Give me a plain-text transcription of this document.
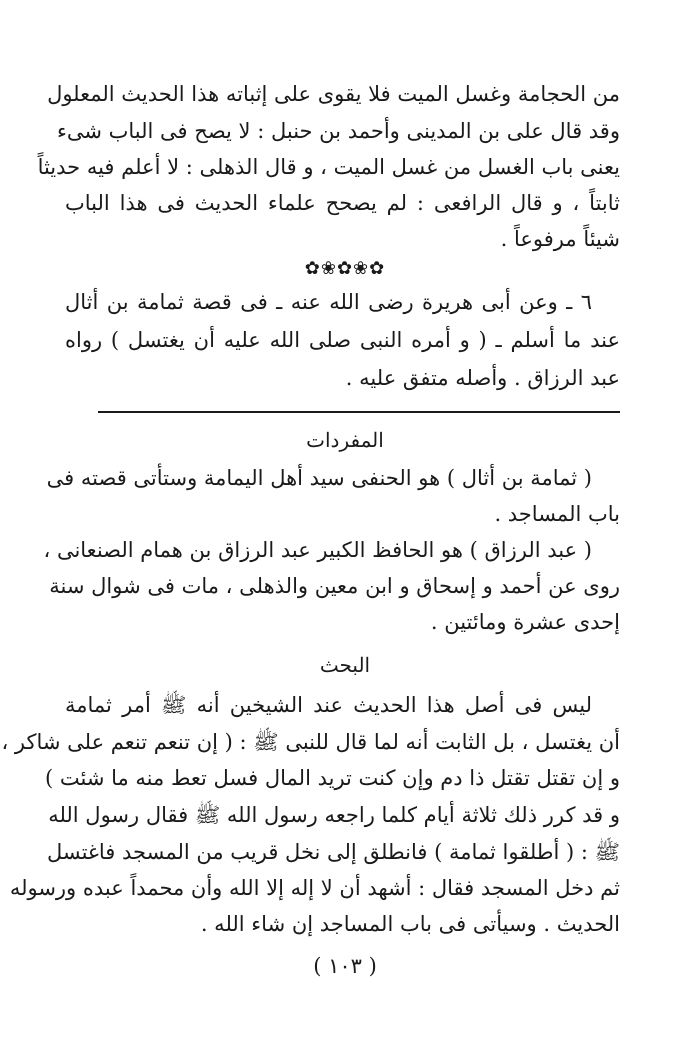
من الحجامة وغسل الميت فلا يقوى على إثباته هذا الحديث المعلول
وقد قال على بن المدينى وأحمد بن حنبل : لا يصح فى الباب شىء
يعنى باب الغسل من غسل الميت ، و قال الذهلى : لا أعلم فيه حديثاً
ثابتاً ، و قال الرافعى : لم يصحح علماء الحديث فى هذا الباب
شيئاً مرفوعاً .
✿❀✿❀✿
٦ ـ وعن أبى هريرة رضى الله عنه ـ فى قصة ثمامة بن أثال
عند ما أسلم ـ ( و أمره النبى صلى الله عليه أن يغتسل ) رواه
عبد الرزاق . وأصله متفق عليه .
المفردات
( ثمامة بن أثال ) هو الحنفى سيد أهل اليمامة وستأتى قصته فى
باب المساجد .
( عبد الرزاق ) هو الحافظ الكبير عبد الرزاق بن همام الصنعانى ،
روى عن أحمد و إسحاق و ابن معين والذهلى ، مات فى شوال سنة
إحدى عشرة ومائتين .
البحث
ليس فى أصل هذا الحديث عند الشيخين أنه ﷺ أمر ثمامة
أن يغتسل ، بل الثابت أنه لما قال للنبى ﷺ : ( إن تنعم تنعم على شاكر ،
و إن تقتل تقتل ذا دم وإن كنت تريد المال فسل تعط منه ما شئت )
و قد كرر ذلك ثلاثة أيام كلما راجعه رسول الله ﷺ فقال رسول الله
ﷺ : ( أطلقوا ثمامة ) فانطلق إلى نخل قريب من المسجد فاغتسل
ثم دخل المسجد فقال : أشهد أن لا إله إلا الله وأن محمداً عبده ورسوله
الحديث . وسيأتى فى باب المساجد إن شاء الله .
( ١٠٣ )
